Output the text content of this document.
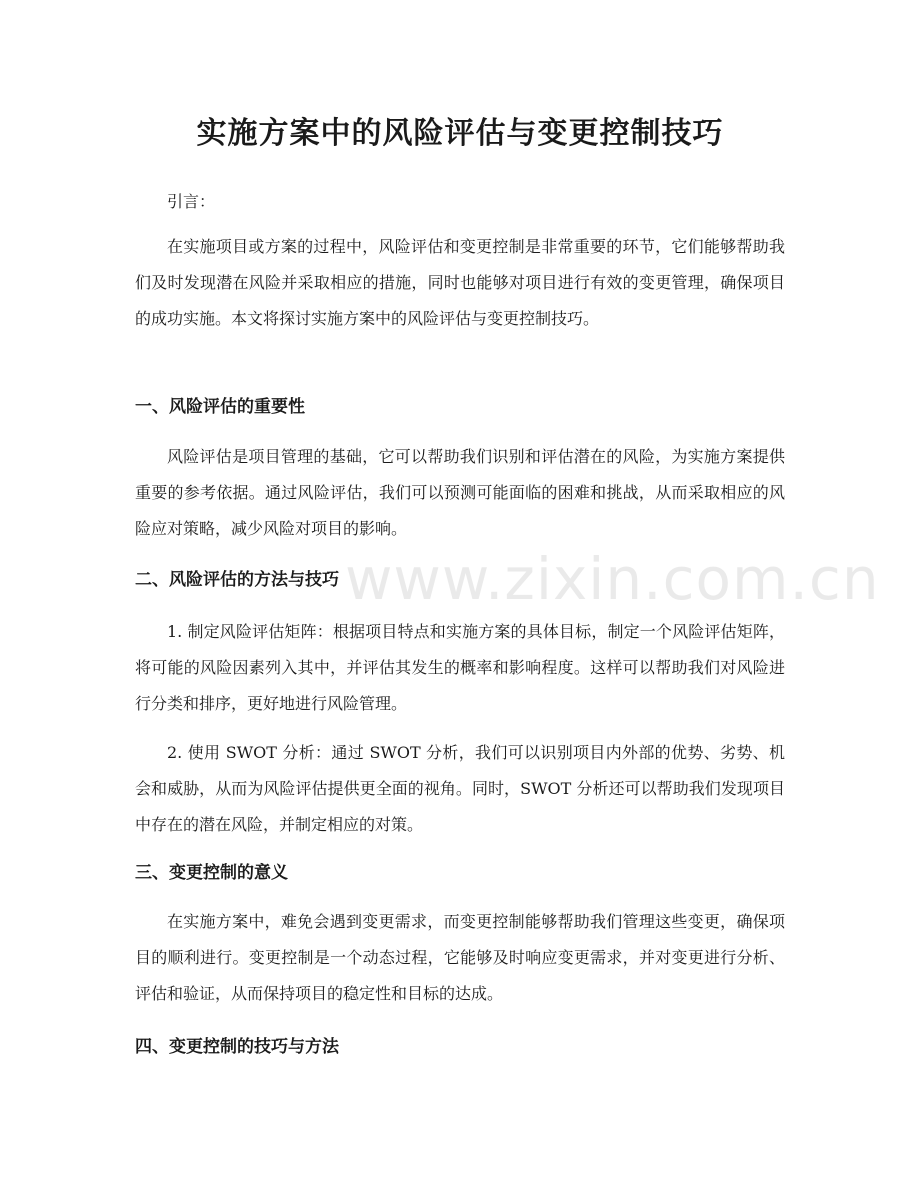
实施方案中的风险评估与变更控制技巧

引言：

在实施项目或方案的过程中，风险评估和变更控制是非常重要的环节，它们能够帮助我们及时发现潜在风险并采取相应的措施，同时也能够对项目进行有效的变更管理，确保项目的成功实施。本文将探讨实施方案中的风险评估与变更控制技巧。

一、风险评估的重要性

风险评估是项目管理的基础，它可以帮助我们识别和评估潜在的风险，为实施方案提供重要的参考依据。通过风险评估，我们可以预测可能面临的困难和挑战，从而采取相应的风险应对策略，减少风险对项目的影响。

二、风险评估的方法与技巧

1. 制定风险评估矩阵：根据项目特点和实施方案的具体目标，制定一个风险评估矩阵，将可能的风险因素列入其中，并评估其发生的概率和影响程度。这样可以帮助我们对风险进行分类和排序，更好地进行风险管理。

2. 使用 SWOT 分析：通过 SWOT 分析，我们可以识别项目内外部的优势、劣势、机会和威胁，从而为风险评估提供更全面的视角。同时，SWOT 分析还可以帮助我们发现项目中存在的潜在风险，并制定相应的对策。

三、变更控制的意义

在实施方案中，难免会遇到变更需求，而变更控制能够帮助我们管理这些变更，确保项目的顺利进行。变更控制是一个动态过程，它能够及时响应变更需求，并对变更进行分析、评估和验证，从而保持项目的稳定性和目标的达成。

四、变更控制的技巧与方法
www.zixin.com.cn
